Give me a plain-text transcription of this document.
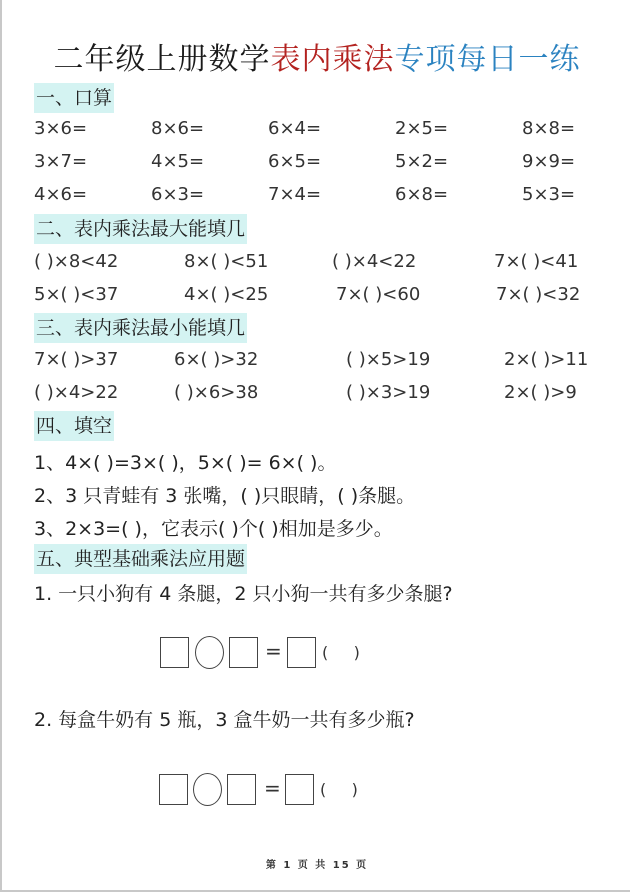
二年级上册数学表内乘法专项每日一练
一、口算
3×6=	8×6=	6×4=	2×5=	8×8=
3×7=	4×5=	6×5=	5×2=	9×9=
4×6=	6×3=	7×4=	6×8=	5×3=
二、表内乘法最大能填几
( )×8<42	8×( )<51	( )×4<22	7×( )<41
5×( )<37	4×( )<25	7×( )<60	7×( )<32
三、表内乘法最小能填几
7×( )>37	6×( )>32	( )×5>19	2×( )>11
( )×4>22	( )×6>38	( )×3>19	2×( )>9
四、填空
1、4×( )=3×( )，5×( )= 6×( )。
2、3 只青蛙有 3 张嘴，( )只眼睛，( )条腿。
3、2×3=( )，它表示( )个( )相加是多少。
五、典型基础乘法应用题
1. 一只小狗有 4 条腿，2 只小狗一共有多少条腿?
=	(     )
2. 每盒牛奶有 5 瓶，3 盒牛奶一共有多少瓶?
= (     )
第 1 页 共 15 页
